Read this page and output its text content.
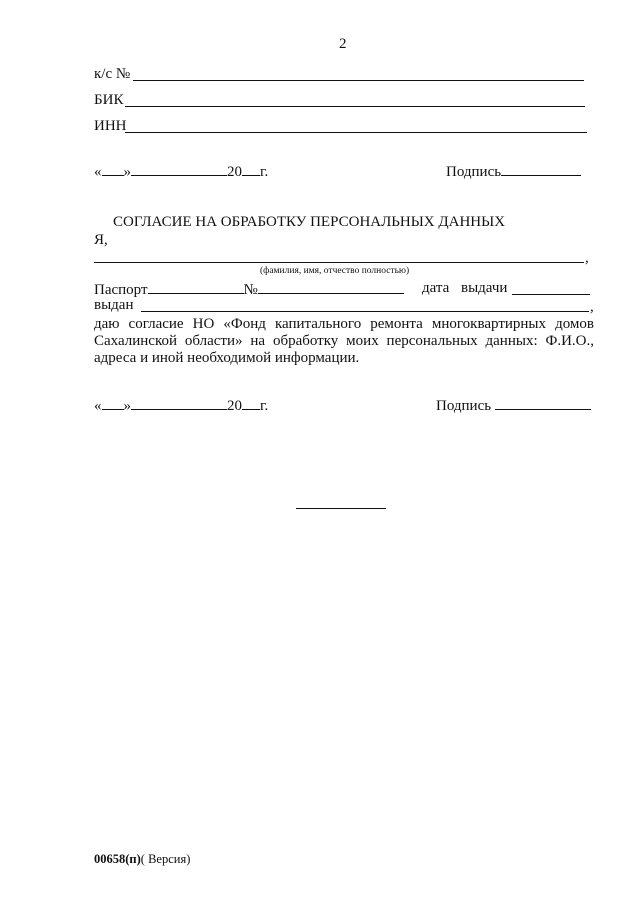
2
к/с №
БИК
ИНН
« »	20 г.	Подпись
СОГЛАСИЕ НА ОБРАБОТКУ ПЕРСОНАЛЬНЫХ ДАННЫХ
Я,
,
(фамилия, имя, отчество полностью)
Паспорт	№	дата выдачи
выдан	,
даю согласие НО «Фонд капитального ремонта многоквартирных домов Сахалинской области» на обработку моих персональных данных: Ф.И.О., адреса и иной необходимой информации.
« »	20 г.	Подпись
00658(п)( Версия)
